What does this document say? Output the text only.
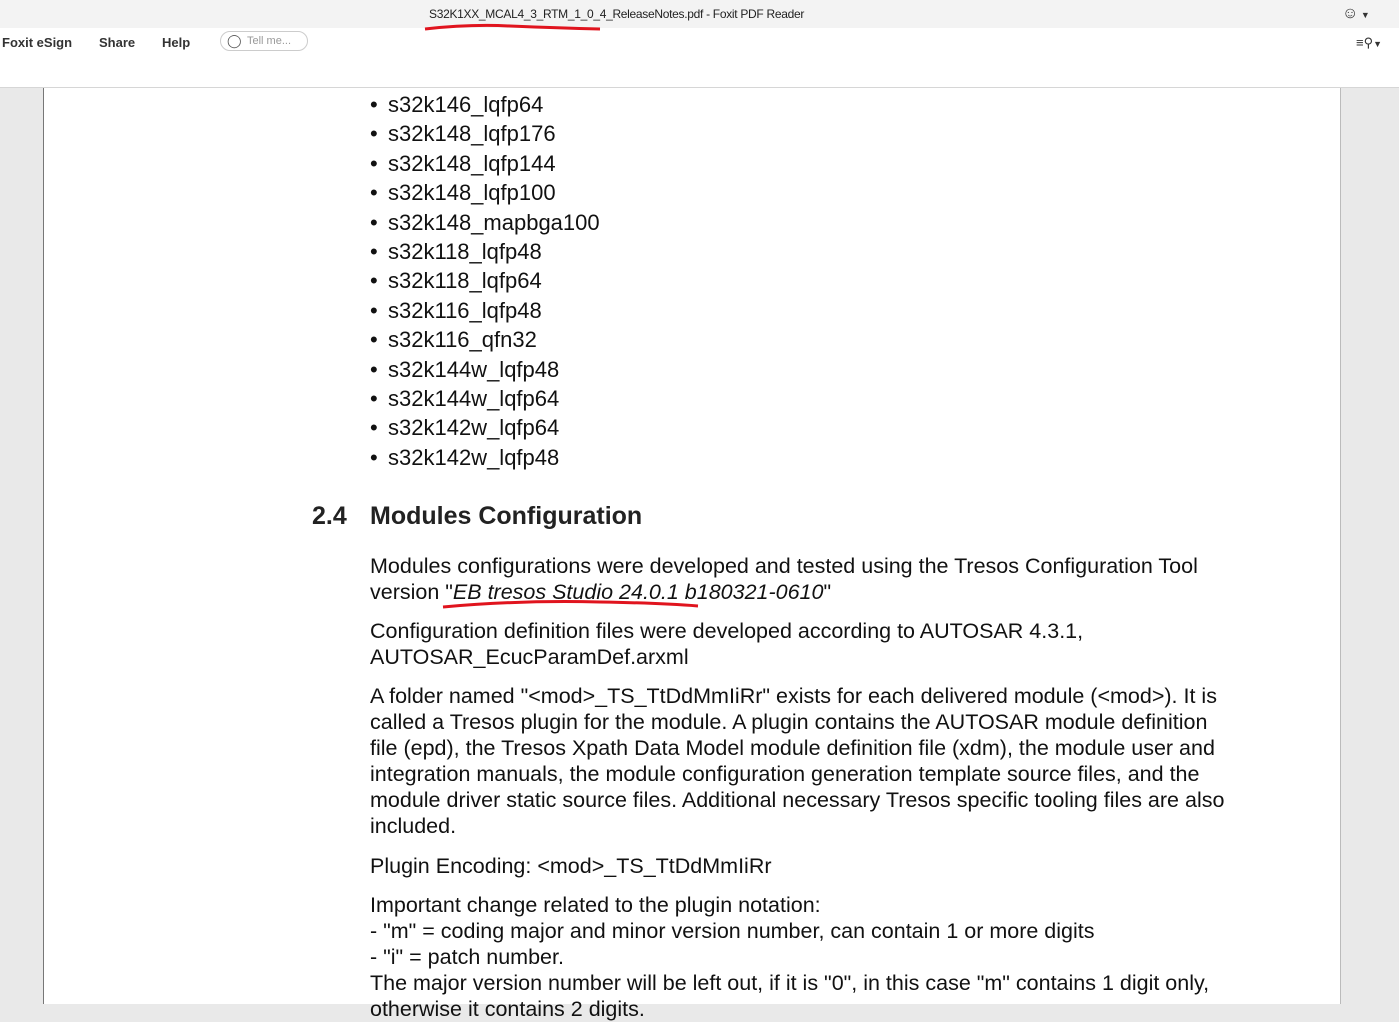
S32K1XX_MCAL4_3_RTM_1_0_4_ReleaseNotes.pdf - Foxit PDF Reader	☺ ▼
Foxit eSign Share Help	◯ Tell me...	≡⚲▼
• s32k146_lqfp64
• s32k148_lqfp176
• s32k148_lqfp144
• s32k148_lqfp100
• s32k148_mapbga100
• s32k118_lqfp48
• s32k118_lqfp64
• s32k116_lqfp48
• s32k116_qfn32
• s32k144w_lqfp48
• s32k144w_lqfp64
• s32k142w_lqfp64
• s32k142w_lqfp48
2.4 Modules Configuration
Modules configurations were developed and tested using the Tresos Configuration Tool version "EB tresos Studio 24.0.1 b180321-0610"
Configuration definition files were developed according to AUTOSAR 4.3.1, AUTOSAR_EcucParamDef.arxml
A folder named "<mod>_TS_TtDdMmIiRr" exists for each delivered module (<mod>). It is called a Tresos plugin for the module. A plugin contains the AUTOSAR module definition file (epd), the Tresos Xpath Data Model module definition file (xdm), the module user and integration manuals, the module configuration generation template source files, and the module driver static source files. Additional necessary Tresos specific tooling files are also included.
Plugin Encoding: <mod>_TS_TtDdMmIiRr
Important change related to the plugin notation:
- "m" = coding major and minor version number, can contain 1 or more digits
- "i" = patch number.
The major version number will be left out, if it is "0", in this case "m" contains 1 digit only,
otherwise it contains 2 digits.
